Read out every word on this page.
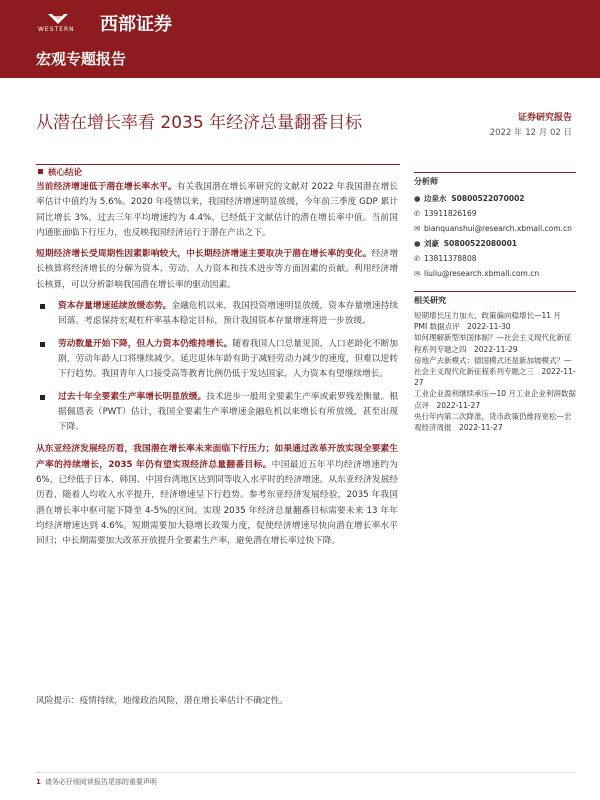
WESTERN 西部证券
宏观专题报告
从潜在增长率看 2035 年经济总量翻番目标	证券研究报告
2022 年 12 月 02 日
核心结论

当前经济增速低于潜在增长率水平。有关我国潜在增长率研究的文献对 2022 年我国潜在增长率估计中值约为 5.6%。2020 年疫情以来，我国经济增速明显放缓，今年前三季度 GDP 累计同比增长 3%，过去三年平均增速约为 4.4%，已经低于文献估计的潜在增长率中值。当前国内通胀面临下行压力，也反映我国经济运行于潜在产出之下。

短期经济增长受周期性因素影响较大，中长期经济增速主要取决于潜在增长率的变化。经济增长核算将经济增长的分解为资本、劳动、人力资本和技术进步等方面因素的贡献。利用经济增长核算，可以分析影响我国潜在增长率的驱动因素。

资本存量增速延续放缓态势。金融危机以来，我国投资增速明显放缓，资本存量增速持续回落。考虑保持宏观杠杆率基本稳定目标，预计我国资本存量增速将进一步放缓。
劳动数量开始下降，但人力资本仍维持增长。随着我国人口总量见顶，人口老龄化不断加剧，劳动年龄人口将继续减少。延迟退休年龄有助于减轻劳动力减少的速度，但难以逆转下行趋势。我国青年人口接受高等教育比例仍低于发达国家，人力资本有望继续增长。
过去十年全要素生产率增长明显放缓。技术进步一般用全要素生产率或索罗残差衡量。根据佩恩表（PWT）估计，我国全要素生产率增速金融危机以来增长有所放缓，甚至出现下降。

从东亚经济发展经历看，我国潜在增长率未来面临下行压力；如果通过改革开放实现全要素生产率的持续增长，2035 年仍有望实现经济总量翻番目标。中国最近五年平均经济增速约为 6%，已经低于日本、韩国、中国台湾地区达到同等收入水平时的经济增速。从东亚经济发展经历看，随着人均收入水平提升，经济增速呈下行趋势。参考东亚经济发展经验，2035 年我国潜在增长率中枢可能下降至 4-5%的区间。实现 2035 年经济总量翻番目标需要未来 13 年年均经济增速达到 4.6%。短期需要加大稳增长政策力度，促使经济增速尽快向潜在增长率水平回归；中长期需要加大改革开放提升全要素生产率，避免潜在增长率过快下降。

风险提示：疫情持续，地缘政治风险，潜在增长率估计不确定性。
分析师
● 边泉水 S0800522070002
✆ 13911826169
✉ bianquanshui@research.xbmall.com.cn
● 刘豪 S0800522080001
✆ 13811378808
✉ liuliu@research.xbmall.com.cn
相关研究
短期增长压力加大，政策偏向稳增长—11 月 PMI 数据点评　2022-11-30
如何理解新型举国体制？—社会主义现代化新征程系列专题之四　2022-11-29
房地产去新模式：德国模式还是新加坡模式？—社会主义现代化新征程系列专题之三　2022-11-27
工业企业盈利继续承压—10 月工业企业利润数据点评　2022-11-27
央行年内第二次降准，货币政策仍维持宽松—宏观经济周报　2022-11-27
1 请务必仔细阅读报告尾部的重要声明
